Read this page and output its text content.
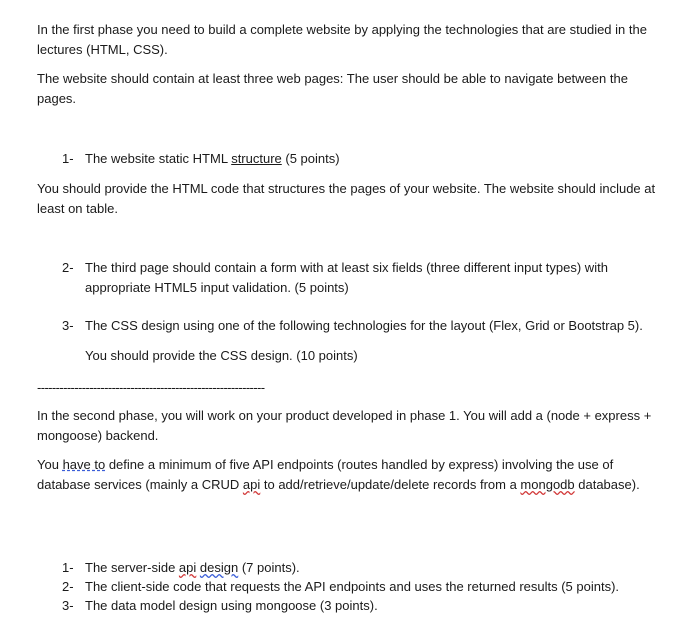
In the first phase you need to build a complete website by applying the technologies that are studied in the lectures (HTML, CSS).

The website should contain at least three web pages: The user should be able to navigate between the pages.

1- The website static HTML structure (5 points)

You should provide the HTML code that structures the pages of your website. The website should include at least on table.

2- The third page should contain a form with at least six fields (three different input types) with appropriate HTML5 input validation. (5 points)

3- The CSS design using one of the following technologies for the layout (Flex, Grid or Bootstrap 5).

You should provide the CSS design. (10 points)

-------------------------------------------------------------

In the second phase, you will work on your product developed in phase 1. You will add a (node + express + mongoose) backend.

You have to define a minimum of five API endpoints (routes handled by express) involving the use of database services (mainly a CRUD api to add/retrieve/update/delete records from a mongodb database).

1- The server-side api design (7 points).

2- The client-side code that requests the API endpoints and uses the returned results (5 points).

3- The data model design using mongoose (3 points).
